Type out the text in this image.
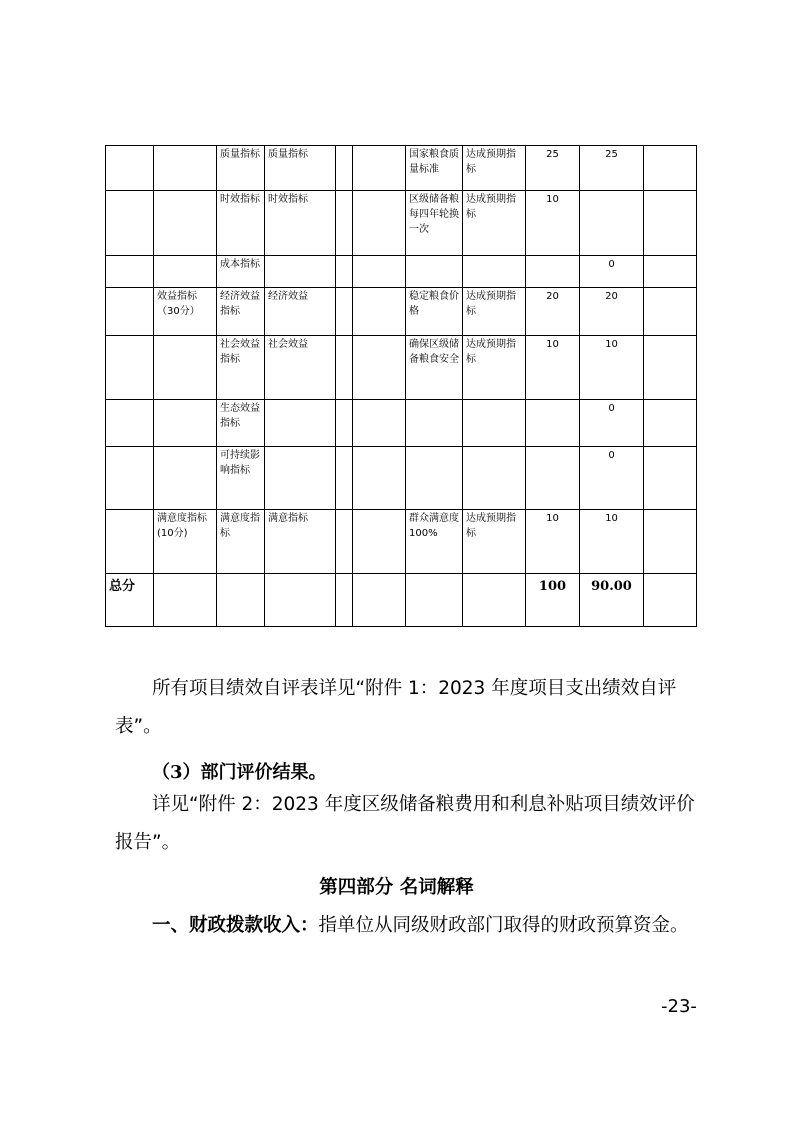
		质量指标	质量指标			国家粮食质量标准	达成预期指标	25	25	
		时效指标	时效指标			区级储备粮每四年轮换一次	达成预期指标	10		
		成本指标							0	
	效益指标（30分）	经济效益指标	经济效益			稳定粮食价格	达成预期指标	20	20	
		社会效益指标	社会效益			确保区级储备粮食安全	达成预期指标	10	10	
		生态效益指标							0	
		可持续影响指标							0	
	满意度指标(10分)	满意度指标	满意指标			群众满意度100%	达成预期指标	10	10	
总分								100	90.00	

所有项目绩效自评表详见“附件 1：2023 年度项目支出绩效自评表”。

（3）部门评价结果。

详见“附件 2：2023 年度区级储备粮费用和利息补贴项目绩效评价报告”。

第四部分 名词解释

一、财政拨款收入：指单位从同级财政部门取得的财政预算资金。

-23-
